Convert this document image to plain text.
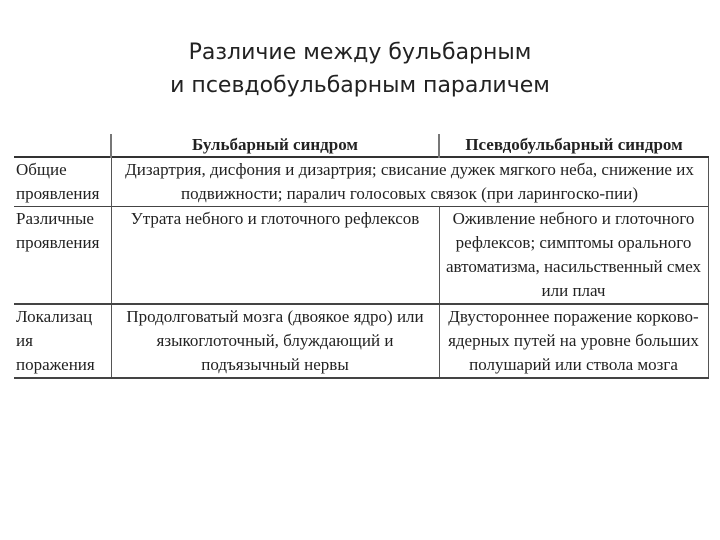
Различие между бульбарным
и псевдобульбарным параличем
	Бульбарный синдром	Псевдобульбарный синдром
Общие проявления	Дизартрия, дисфония и дизартрия; свисание дужек мягкого неба, снижение их подвижности; паралич голосовых связок (при ларингоско-пии)	
Различные проявления	Утрата небного и глоточного рефлексов	Оживление небного и глоточного рефлексов; симптомы орального автоматизма, насильственный смех или плач
Локализац ия поражения	Продолговатый мозга (двоякое ядро) или языкоглоточный, блуждающий и подъязычный нервы	Двустороннее поражение корково-ядерных путей на уровне больших полушарий или ствола мозга
